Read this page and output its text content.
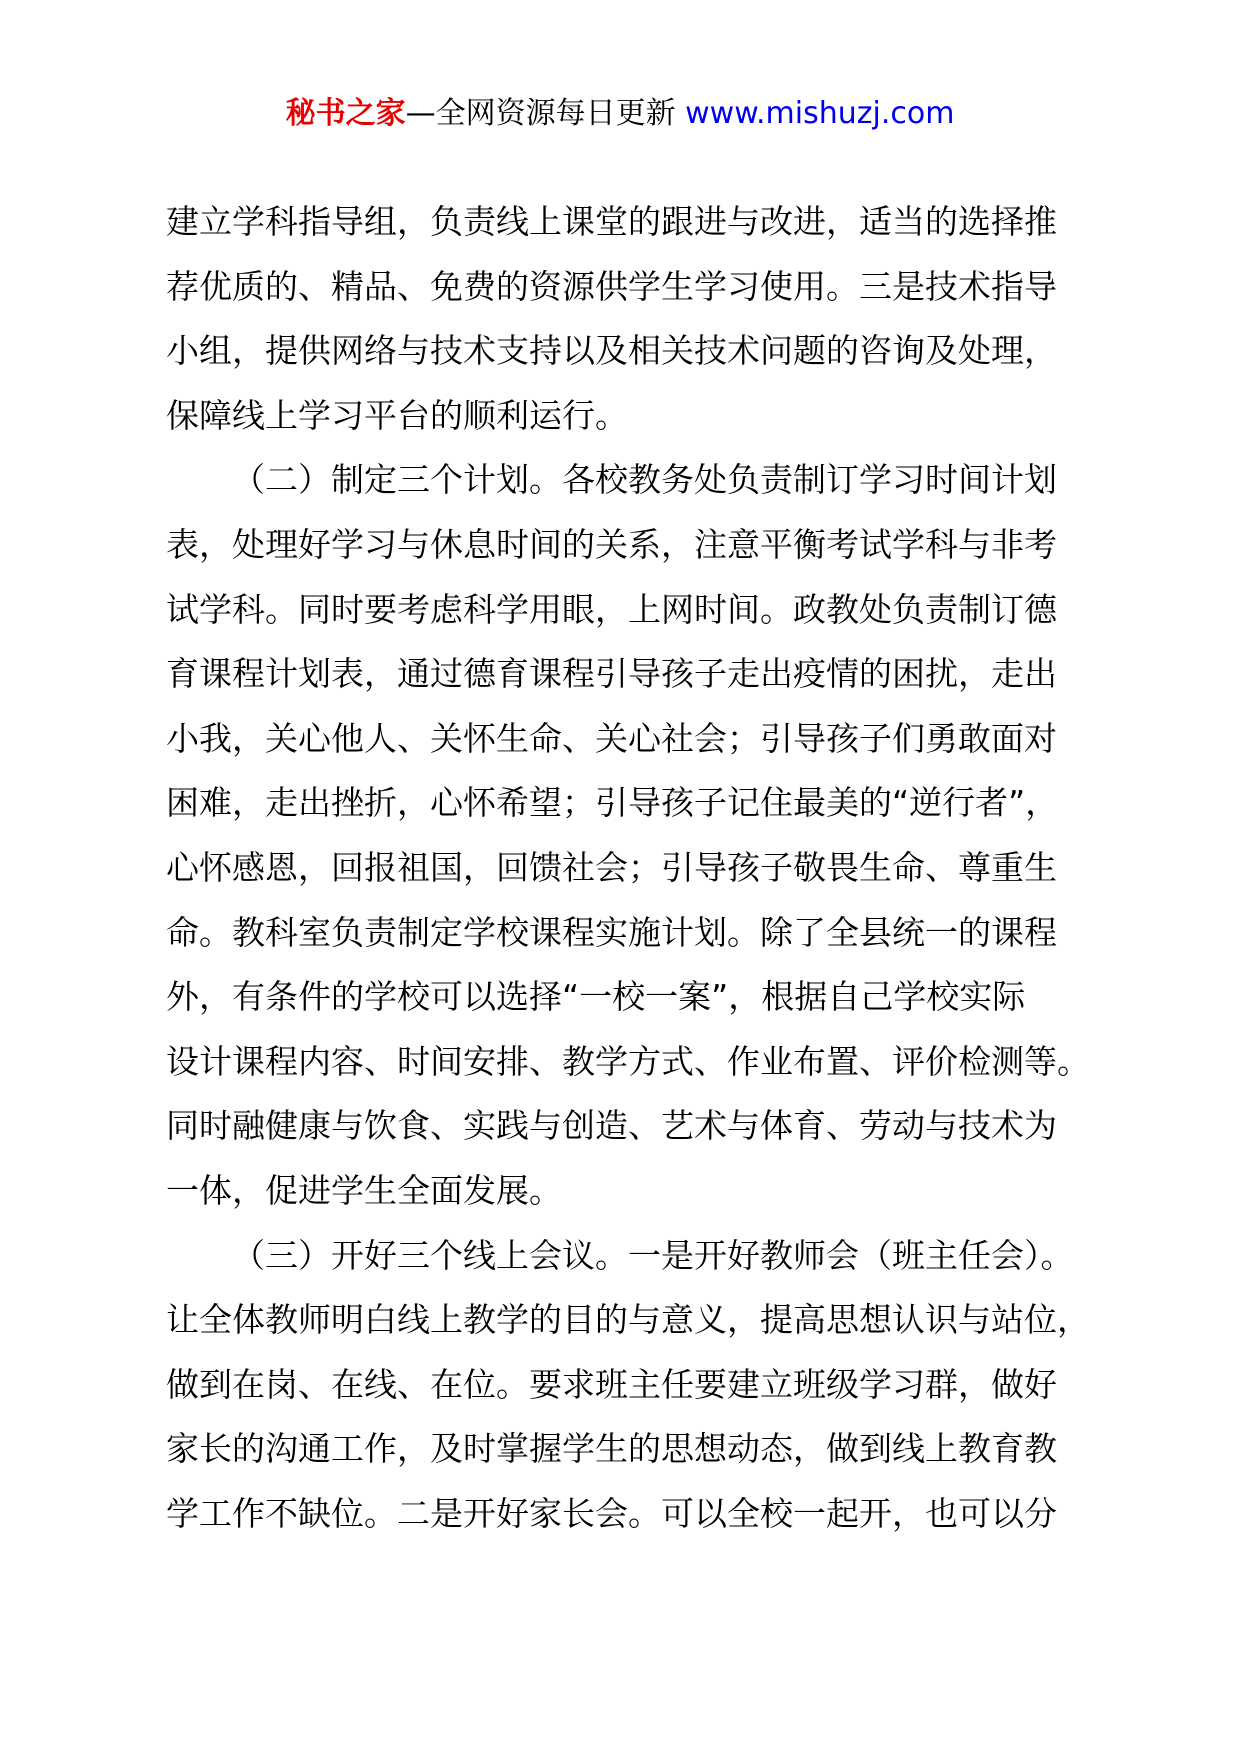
秘书之家—全网资源每日更新 www.mishuzj.com
建立学科指导组，负责线上课堂的跟进与改进，适当的选择推
荐优质的、精品、免费的资源供学生学习使用。三是技术指导
小组，提供网络与技术支持以及相关技术问题的咨询及处理，
保障线上学习平台的顺利运行。
（二）制定三个计划。各校教务处负责制订学习时间计划
表，处理好学习与休息时间的关系，注意平衡考试学科与非考
试学科。同时要考虑科学用眼，上网时间。政教处负责制订德
育课程计划表，通过德育课程引导孩子走出疫情的困扰，走出
小我，关心他人、关怀生命、关心社会；引导孩子们勇敢面对
困难，走出挫折，心怀希望；引导孩子记住最美的“逆行者”，
心怀感恩，回报祖国，回馈社会；引导孩子敬畏生命、尊重生
命。教科室负责制定学校课程实施计划。除了全县统一的课程
外，有条件的学校可以选择“一校一案”，根据自己学校实际
设计课程内容、时间安排、教学方式、作业布置、评价检测等。
同时融健康与饮食、实践与创造、艺术与体育、劳动与技术为
一体，促进学生全面发展。
（三）开好三个线上会议。一是开好教师会（班主任会）。
让全体教师明白线上教学的目的与意义，提高思想认识与站位，
做到在岗、在线、在位。要求班主任要建立班级学习群，做好
家长的沟通工作，及时掌握学生的思想动态，做到线上教育教
学工作不缺位。二是开好家长会。可以全校一起开，也可以分
